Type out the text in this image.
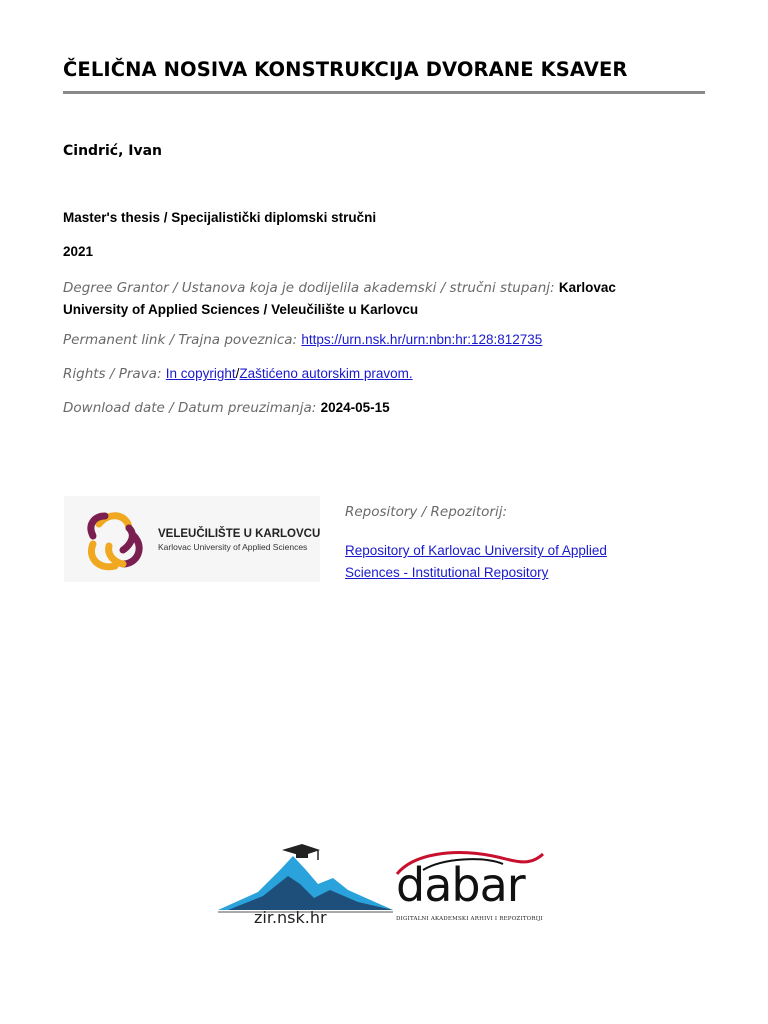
ČELIČNA NOSIVA KONSTRUKCIJA DVORANE KSAVER
Cindrić, Ivan
Master's thesis / Specijalistički diplomski stručni
2021
Degree Grantor / Ustanova koja je dodijelila akademski / stručni stupanj: Karlovac University of Applied Sciences / Veleučilište u Karlovcu
Permanent link / Trajna poveznica: https://urn.nsk.hr/urn:nbn:hr:128:812735
Rights / Prava: In copyright/Zaštićeno autorskim pravom.
Download date / Datum preuzimanja: 2024-05-15
VELEUČILIŠTE U KARLOVCU
Karlovac University of Applied Sciences
Repository / Repozitorij:
Repository of Karlovac University of Applied Sciences - Institutional Repository
zir.nsk.hr
dabar
DIGITALNI AKADEMSKI ARHIVI I REPOZITORIJI
